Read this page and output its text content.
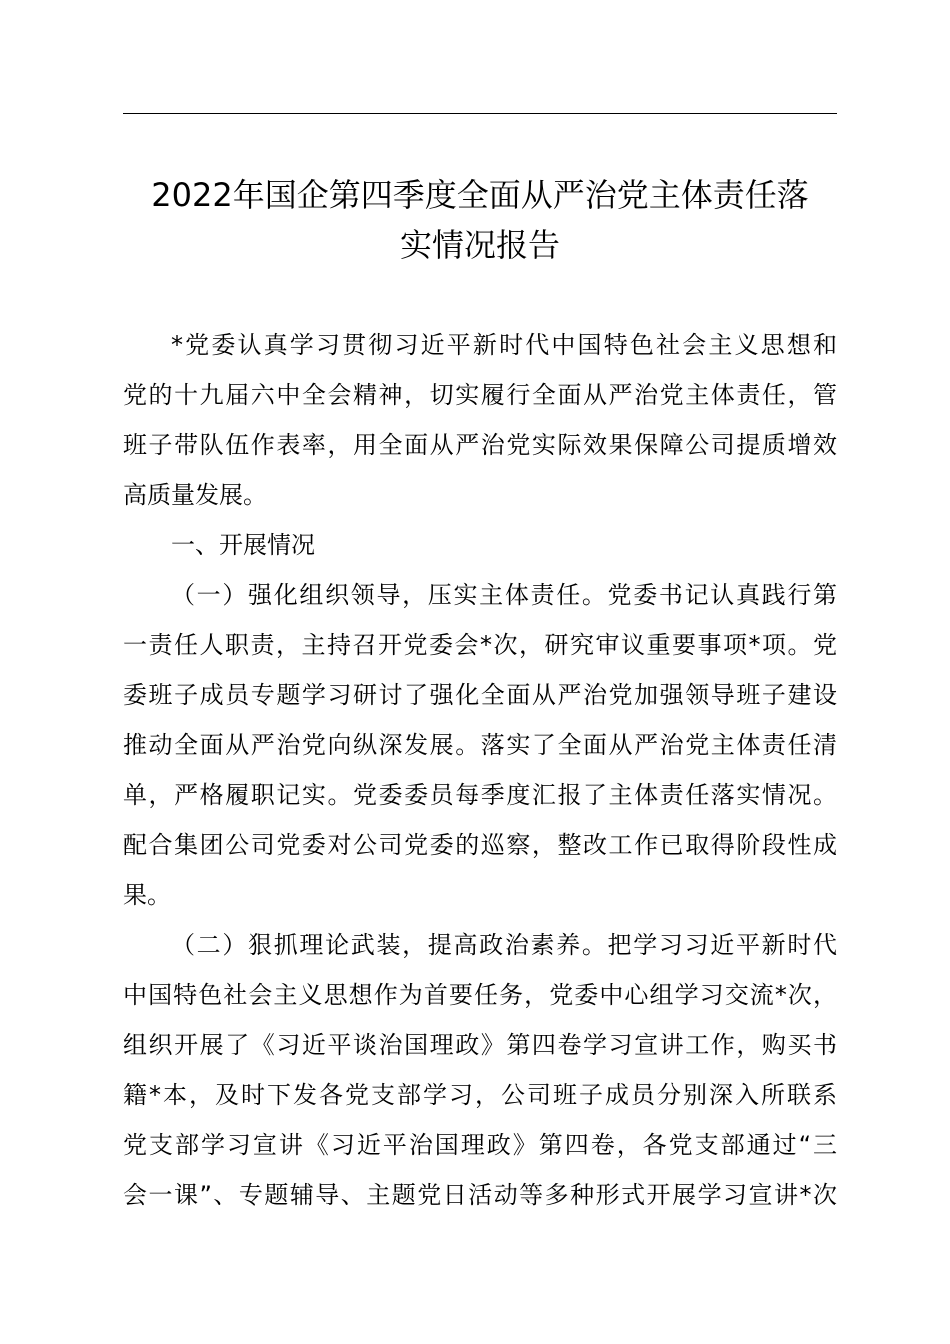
2022年国企第四季度全面从严治党主体责任落
实情况报告
*党委认真学习贯彻习近平新时代中国特色社会主义思想和
党的十九届六中全会精神，切实履行全面从严治党主体责任，管
班子带队伍作表率，用全面从严治党实际效果保障公司提质增效
高质量发展。
一、开展情况
（一）强化组织领导，压实主体责任。党委书记认真践行第
一责任人职责，主持召开党委会*次，研究审议重要事项*项。党
委班子成员专题学习研讨了强化全面从严治党加强领导班子建设
推动全面从严治党向纵深发展。落实了全面从严治党主体责任清
单，严格履职记实。党委委员每季度汇报了主体责任落实情况。
配合集团公司党委对公司党委的巡察，整改工作已取得阶段性成
果。
（二）狠抓理论武装，提高政治素养。把学习习近平新时代
中国特色社会主义思想作为首要任务，党委中心组学习交流*次，
组织开展了《习近平谈治国理政》第四卷学习宣讲工作，购买书
籍*本，及时下发各党支部学习，公司班子成员分别深入所联系
党支部学习宣讲《习近平治国理政》第四卷，各党支部通过“三
会一课”、专题辅导、主题党日活动等多种形式开展学习宣讲*次
